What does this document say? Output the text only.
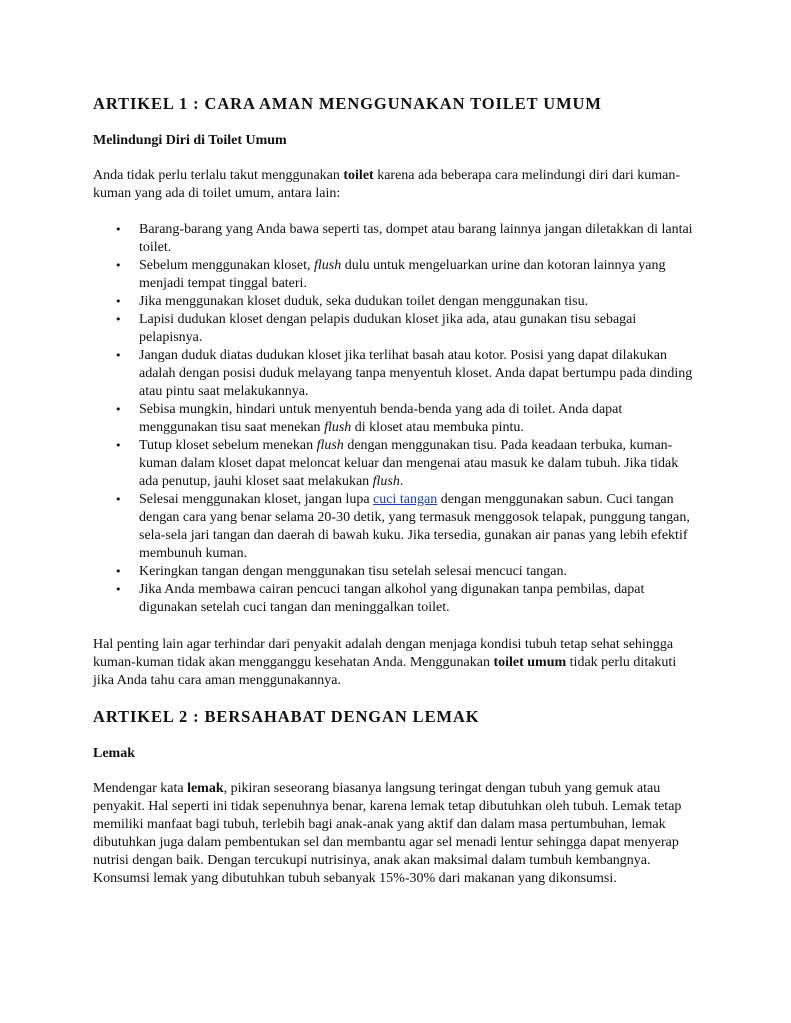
ARTIKEL 1 : CARA AMAN MENGGUNAKAN TOILET UMUM
Melindungi Diri di Toilet Umum

Anda tidak perlu terlalu takut menggunakan toilet karena ada beberapa cara melindungi diri dari kuman-kuman yang ada di toilet umum, antara lain:

• Barang-barang yang Anda bawa seperti tas, dompet atau barang lainnya jangan diletakkan di lantai toilet.
• Sebelum menggunakan kloset, flush dulu untuk mengeluarkan urine dan kotoran lainnya yang menjadi tempat tinggal bateri.
• Jika menggunakan kloset duduk, seka dudukan toilet dengan menggunakan tisu.
• Lapisi dudukan kloset dengan pelapis dudukan kloset jika ada, atau gunakan tisu sebagai pelapisnya.
• Jangan duduk diatas dudukan kloset jika terlihat basah atau kotor. Posisi yang dapat dilakukan adalah dengan posisi duduk melayang tanpa menyentuh kloset. Anda dapat bertumpu pada dinding atau pintu saat melakukannya.
• Sebisa mungkin, hindari untuk menyentuh benda-benda yang ada di toilet. Anda dapat menggunakan tisu saat menekan flush di kloset atau membuka pintu.
• Tutup kloset sebelum menekan flush dengan menggunakan tisu. Pada keadaan terbuka, kuman-kuman dalam kloset dapat meloncat keluar dan mengenai atau masuk ke dalam tubuh. Jika tidak ada penutup, jauhi kloset saat melakukan flush.
• Selesai menggunakan kloset, jangan lupa cuci tangan dengan menggunakan sabun. Cuci tangan dengan cara yang benar selama 20-30 detik, yang termasuk menggosok telapak, punggung tangan, sela-sela jari tangan dan daerah di bawah kuku. Jika tersedia, gunakan air panas yang lebih efektif membunuh kuman.
• Keringkan tangan dengan menggunakan tisu setelah selesai mencuci tangan.
• Jika Anda membawa cairan pencuci tangan alkohol yang digunakan tanpa pembilas, dapat digunakan setelah cuci tangan dan meninggalkan toilet.

Hal penting lain agar terhindar dari penyakit adalah dengan menjaga kondisi tubuh tetap sehat sehingga kuman-kuman tidak akan mengganggu kesehatan Anda. Menggunakan toilet umum tidak perlu ditakuti jika Anda tahu cara aman menggunakannya.

ARTIKEL 2 : BERSAHABAT DENGAN LEMAK
Lemak

Mendengar kata lemak, pikiran seseorang biasanya langsung teringat dengan tubuh yang gemuk atau penyakit. Hal seperti ini tidak sepenuhnya benar, karena lemak tetap dibutuhkan oleh tubuh. Lemak tetap memiliki manfaat bagi tubuh, terlebih bagi anak-anak yang aktif dan dalam masa pertumbuhan, lemak dibutuhkan juga dalam pembentukan sel dan membantu agar sel menadi lentur sehingga dapat menyerap nutrisi dengan baik. Dengan tercukupi nutrisinya, anak akan maksimal dalam tumbuh kembangnya. Konsumsi lemak yang dibutuhkan tubuh sebanyak 15%-30% dari makanan yang dikonsumsi.
